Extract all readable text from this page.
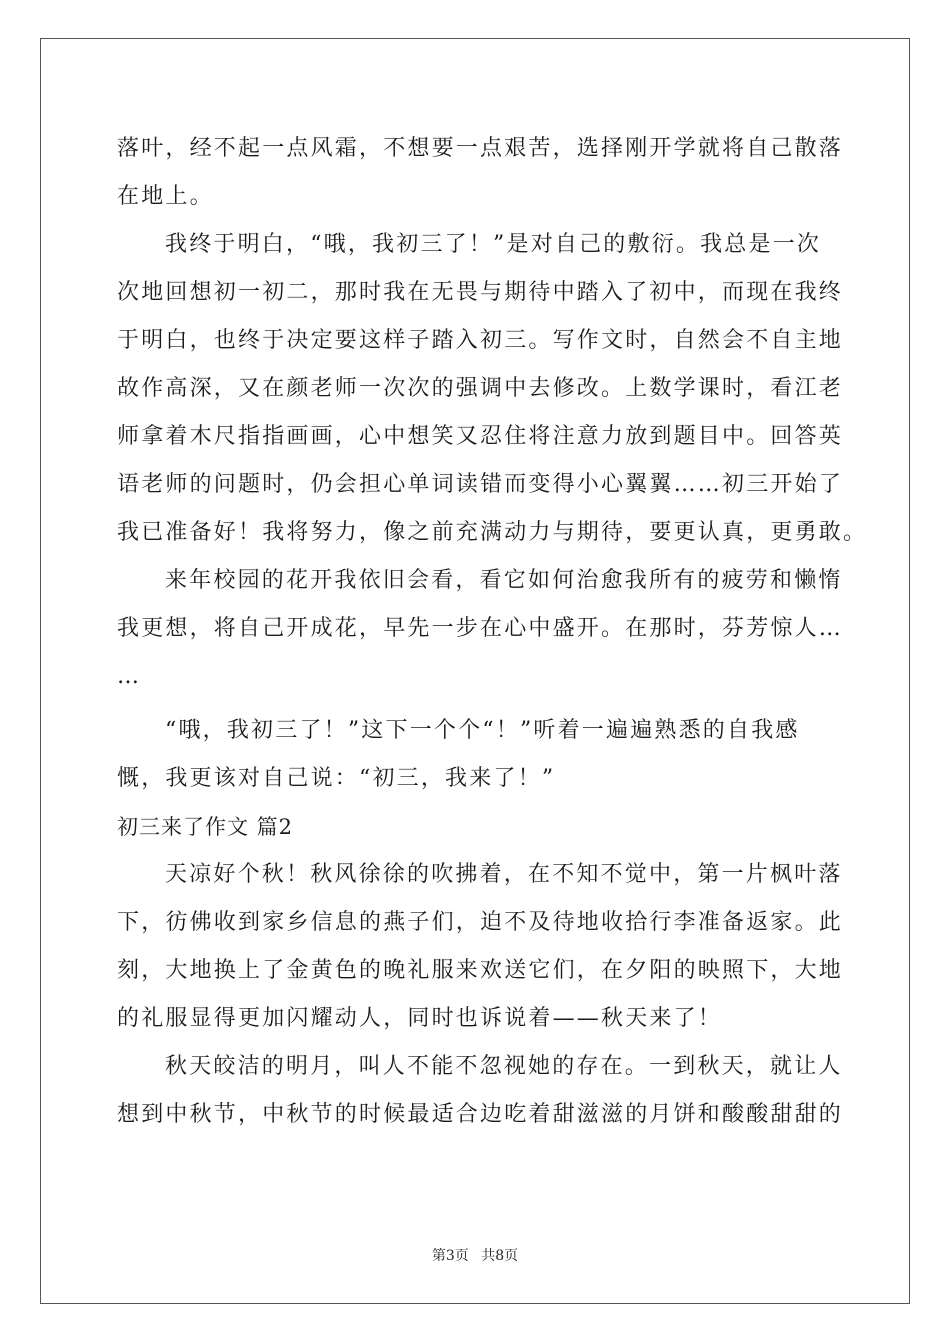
落叶，经不起一点风霜，不想要一点艰苦，选择刚开学就将自己散落
在地上。
我终于明白，“哦，我初三了！”是对自己的敷衍。我总是一次
次地回想初一初二，那时我在无畏与期待中踏入了初中，而现在我终
于明白，也终于决定要这样子踏入初三。写作文时，自然会不自主地
故作高深，又在颜老师一次次的强调中去修改。上数学课时，看江老
师拿着木尺指指画画，心中想笑又忍住将注意力放到题目中。回答英
语老师的问题时，仍会担心单词读错而变得小心翼翼……初三开始了
我已准备好！我将努力，像之前充满动力与期待，要更认真，更勇敢。
来年校园的花开我依旧会看，看它如何治愈我所有的疲劳和懒惰
我更想，将自己开成花，早先一步在心中盛开。在那时，芬芳惊人…
…
“哦，我初三了！”这下一个个“！”听着一遍遍熟悉的自我感
慨，我更该对自己说：“初三，我来了！”
初三来了作文 篇2
天凉好个秋！秋风徐徐的吹拂着，在不知不觉中，第一片枫叶落
下，彷佛收到家乡信息的燕子们，迫不及待地收拾行李准备返家。此
刻，大地换上了金黄色的晚礼服来欢送它们，在夕阳的映照下，大地
的礼服显得更加闪耀动人，同时也诉说着——秋天来了！
秋天皎洁的明月，叫人不能不忽视她的存在。一到秋天，就让人
想到中秋节，中秋节的时候最适合边吃着甜滋滋的月饼和酸酸甜甜的
第3页 共8页
